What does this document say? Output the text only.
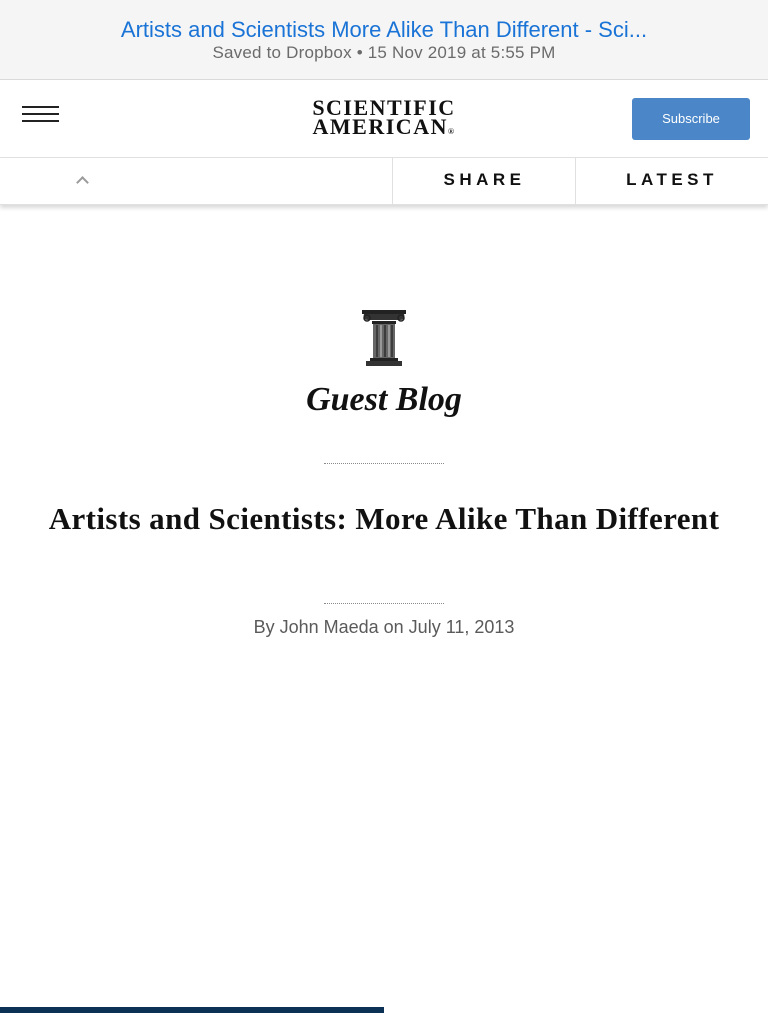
Artists and Scientists More Alike Than Different - Sci...
Saved to Dropbox • 15 Nov 2019 at 5:55 PM
SCIENTIFIC
AMERICAN®
Subscribe
SHARE	LATEST
Guest Blog
Artists and Scientists: More Alike Than Different
By John Maeda on July 11, 2013
